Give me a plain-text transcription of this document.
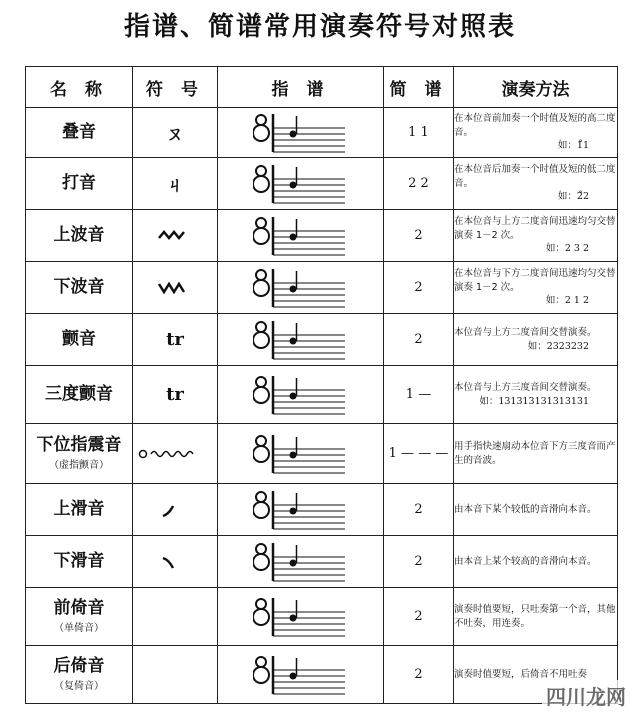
指谱、简谱常用演奏符号对照表
名 称	符 号	指 谱	简 谱	演奏方法
叠音	ㄡ		1 1	在本位音前加奏一个时值及短的高二度音。
如：1̊1

打音	ㄐ		2 2	在本位音后加奏一个时值及短的低二度音。
如：2̊2

上波音			2	在本位音与上方二度音间迅速均匀交替演奏 1－2 次。
如：2 3 2

下波音			2	在本位音与下方二度音间迅速均匀交替演奏 1－2 次。
如：2 1 2

颤音	tr		2	本位音与上方二度音间交替演奏。
如：2323232

三度颤音	tr		1 —	本位音与上方三度音间交替演奏。
如：131313131313131

下位指震音
（虚指颤音）			1 — — —	用手指快速扇动本位音下方三度音而产生的音波。
上滑音			2	由本音下某个较低的音滑向本音。
下滑音			2	由本音上某个较高的音滑向本音。
前倚音
（单倚音）			2	演奏时值要短，只吐奏第一个音，其他不吐奏，用连奏。
后倚音
（复倚音）			2	演奏时值要短，后倚音不用吐奏
四川龙网
